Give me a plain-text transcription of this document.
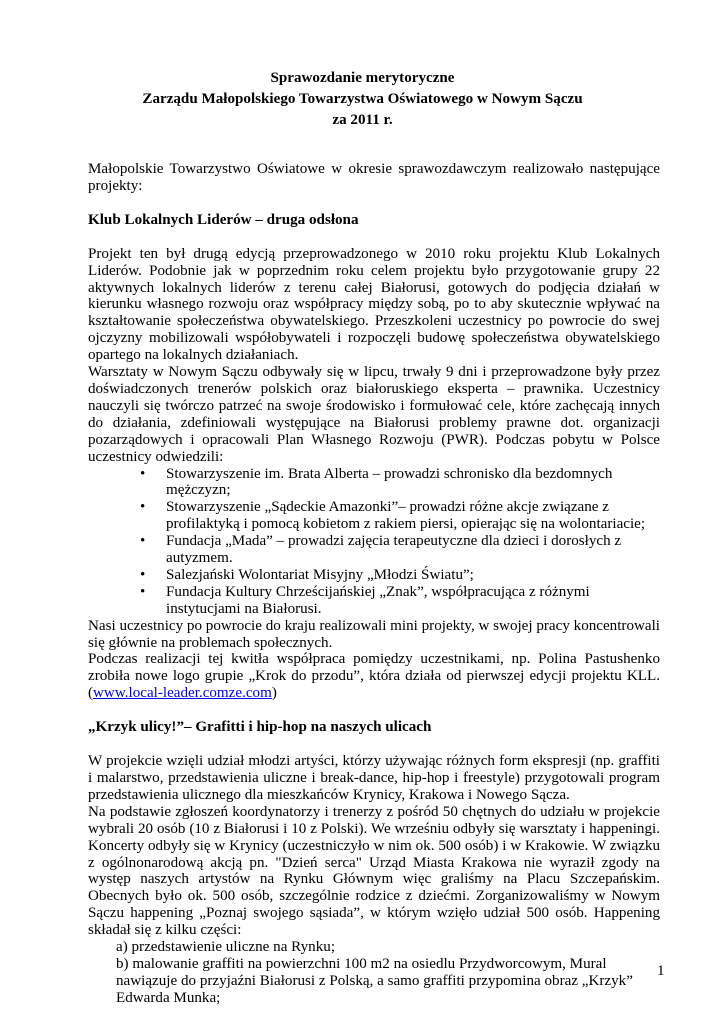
Sprawozdanie merytoryczne
Zarządu Małopolskiego Towarzystwa Oświatowego w Nowym Sączu
za 2011 r.

Małopolskie Towarzystwo Oświatowe w okresie sprawozdawczym realizowało następujące projekty:

Klub Lokalnych Liderów – druga odsłona

Projekt ten był drugą edycją przeprowadzonego w 2010 roku projektu Klub Lokalnych Liderów. Podobnie jak w poprzednim roku celem projektu było przygotowanie grupy 22 aktywnych lokalnych liderów z terenu całej Białorusi, gotowych do podjęcia działań w kierunku własnego rozwoju oraz współpracy między sobą, po to aby skutecznie wpływać na kształtowanie społeczeństwa obywatelskiego. Przeszkoleni uczestnicy po powrocie do swej ojczyzny mobilizowali współobywateli i rozpoczęli budowę społeczeństwa obywatelskiego opartego na lokalnych działaniach.

Warsztaty w Nowym Sączu odbywały się w lipcu, trwały 9 dni i przeprowadzone były przez doświadczonych trenerów polskich oraz białoruskiego eksperta – prawnika. Uczestnicy nauczyli się twórczo patrzeć na swoje środowisko i formułować cele, które zachęcają innych do działania, zdefiniowali występujące na Białorusi problemy prawne dot. organizacji pozarządowych i opracowali Plan Własnego Rozwoju (PWR). Podczas pobytu w Polsce uczestnicy odwiedzili:

• Stowarzyszenie im. Brata Alberta – prowadzi schronisko dla bezdomnych mężczyzn;
• Stowarzyszenie „Sądeckie Amazonki”– prowadzi różne akcje związane z profilaktyką i pomocą kobietom z rakiem piersi, opierając się na wolontariacie;
• Fundacja „Mada” – prowadzi zajęcia terapeutyczne dla dzieci i dorosłych z autyzmem.
• Salezjański Wolontariat Misyjny „Młodzi Światu”;
• Fundacja Kultury Chrześcijańskiej „Znak”, współpracująca z różnymi instytucjami na Białorusi.

Nasi uczestnicy po powrocie do kraju realizowali mini projekty, w swojej pracy koncentrowali się głównie na problemach społecznych.

Podczas realizacji tej kwitła współpraca pomiędzy uczestnikami, np. Polina Pastushenko zrobiła nowe logo grupie „Krok do przodu”, która działa od pierwszej edycji projektu KLL. (www.local-leader.comze.com)

„Krzyk ulicy!”– Grafitti i hip-hop na naszych ulicach

W projekcie wzięli udział młodzi artyści, którzy używając różnych form ekspresji (np. graffiti i malarstwo, przedstawienia uliczne i break-dance, hip-hop i freestyle) przygotowali program przedstawienia ulicznego dla mieszkańców Krynicy, Krakowa i Nowego Sącza.

Na podstawie zgłoszeń koordynatorzy i trenerzy z pośród 50 chętnych do udziału w projekcie wybrali 20 osób (10 z Białorusi i 10 z Polski). We wrześniu odbyły się warsztaty i happeningi. Koncerty odbyły się w Krynicy (uczestniczyło w nim ok. 500 osób) i w Krakowie. W związku z ogólnonarodową akcją pn. "Dzień serca" Urząd Miasta Krakowa nie wyraził zgody na występ naszych artystów na Rynku Głównym więc graliśmy na Placu Szczepańskim. Obecnych było ok. 500 osób, szczególnie rodzice z dziećmi. Zorganizowaliśmy w Nowym Sączu happening „Poznaj swojego sąsiada”, w którym wzięło udział 500 osób. Happening składał się z kilku części:

a) przedstawienie uliczne na Rynku;

b) malowanie graffiti na powierzchni 100 m2 na osiedlu Przydworcowym, Mural nawiązuje do przyjaźni Białorusi z Polską, a samo graffiti przypomina obraz „Krzyk” Edwarda Munka;

1
